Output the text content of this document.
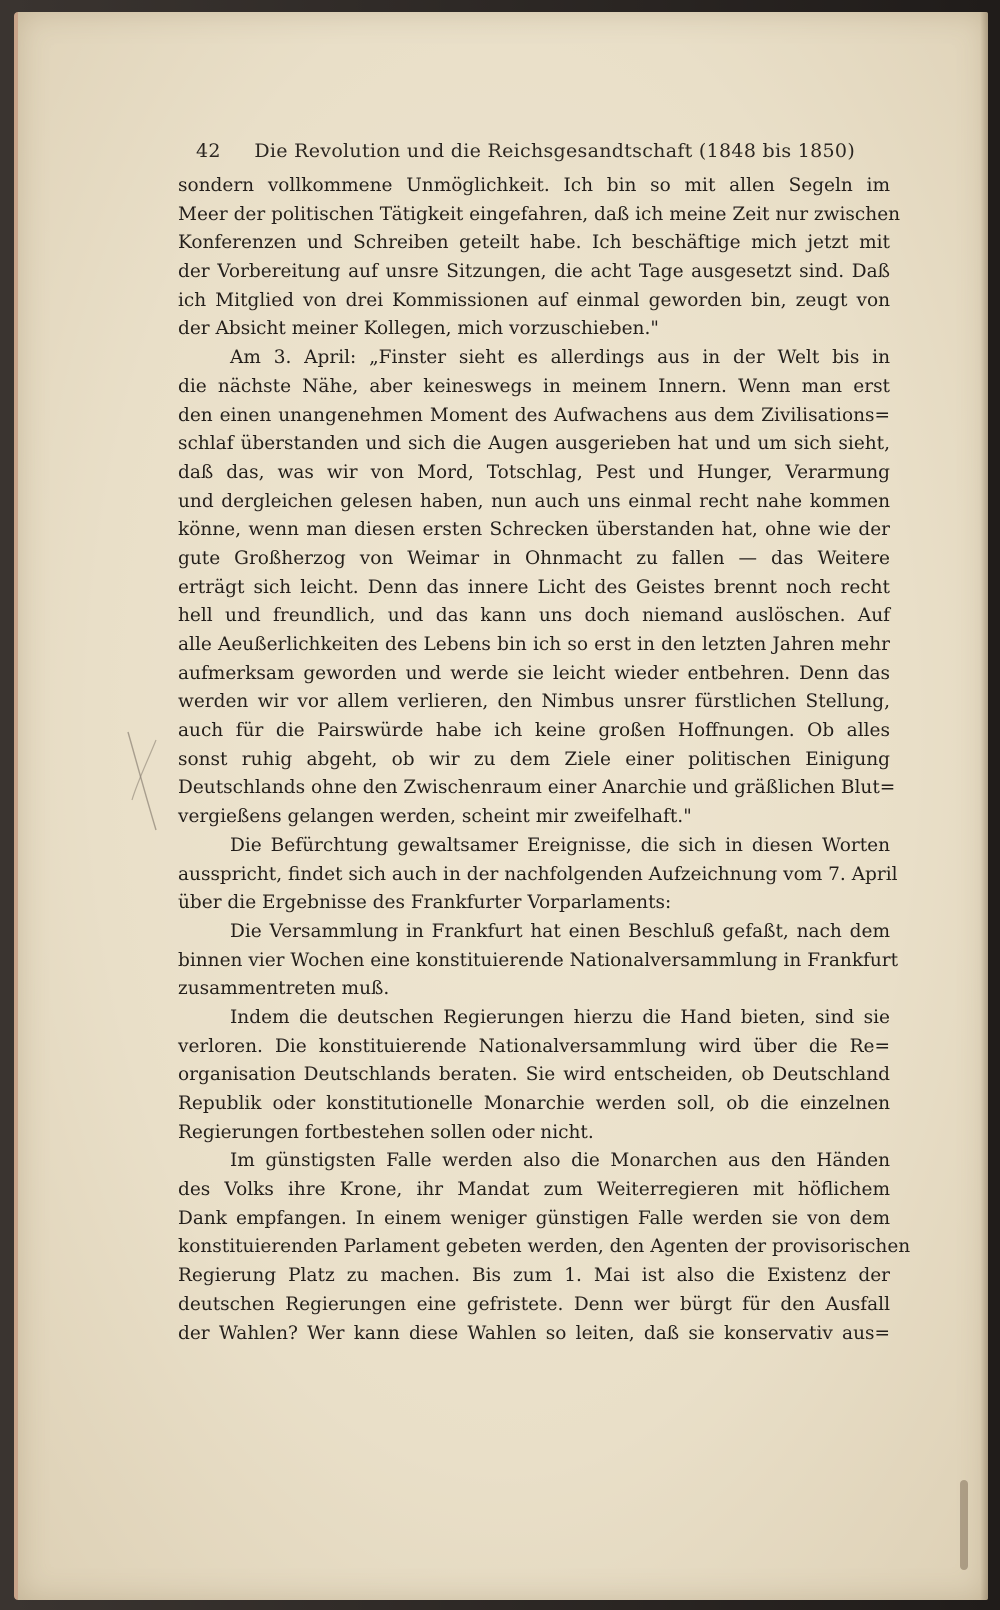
42 Die Revolution und die Reichsgesandtschaft (1848 bis 1850)
sondern vollkommene Unmöglichkeit. Ich bin so mit allen Segeln im
Meer der politischen Tätigkeit eingefahren, daß ich meine Zeit nur zwischen
Konferenzen und Schreiben geteilt habe. Ich beschäftige mich jetzt mit
der Vorbereitung auf unsre Sitzungen, die acht Tage ausgesetzt sind. Daß
ich Mitglied von drei Kommissionen auf einmal geworden bin, zeugt von
der Absicht meiner Kollegen, mich vorzuschieben."
Am 3. April: „Finster sieht es allerdings aus in der Welt bis in
die nächste Nähe, aber keineswegs in meinem Innern. Wenn man erst
den einen unangenehmen Moment des Aufwachens aus dem Zivilisations=
schlaf überstanden und sich die Augen ausgerieben hat und um sich sieht,
daß das, was wir von Mord, Totschlag, Pest und Hunger, Verarmung
und dergleichen gelesen haben, nun auch uns einmal recht nahe kommen
könne, wenn man diesen ersten Schrecken überstanden hat, ohne wie der
gute Großherzog von Weimar in Ohnmacht zu fallen — das Weitere
erträgt sich leicht. Denn das innere Licht des Geistes brennt noch recht
hell und freundlich, und das kann uns doch niemand auslöschen. Auf
alle Aeußerlichkeiten des Lebens bin ich so erst in den letzten Jahren mehr
aufmerksam geworden und werde sie leicht wieder entbehren. Denn das
werden wir vor allem verlieren, den Nimbus unsrer fürstlichen Stellung,
auch für die Pairswürde habe ich keine großen Hoffnungen. Ob alles
sonst ruhig abgeht, ob wir zu dem Ziele einer politischen Einigung
Deutschlands ohne den Zwischenraum einer Anarchie und gräßlichen Blut=
vergießens gelangen werden, scheint mir zweifelhaft."
Die Befürchtung gewaltsamer Ereignisse, die sich in diesen Worten
ausspricht, findet sich auch in der nachfolgenden Aufzeichnung vom 7. April
über die Ergebnisse des Frankfurter Vorparlaments:
Die Versammlung in Frankfurt hat einen Beschluß gefaßt, nach dem
binnen vier Wochen eine konstituierende Nationalversammlung in Frankfurt
zusammentreten muß.
Indem die deutschen Regierungen hierzu die Hand bieten, sind sie
verloren. Die konstituierende Nationalversammlung wird über die Re=
organisation Deutschlands beraten. Sie wird entscheiden, ob Deutschland
Republik oder konstitutionelle Monarchie werden soll, ob die einzelnen
Regierungen fortbestehen sollen oder nicht.
Im günstigsten Falle werden also die Monarchen aus den Händen
des Volks ihre Krone, ihr Mandat zum Weiterregieren mit höflichem
Dank empfangen. In einem weniger günstigen Falle werden sie von dem
konstituierenden Parlament gebeten werden, den Agenten der provisorischen
Regierung Platz zu machen. Bis zum 1. Mai ist also die Existenz der
deutschen Regierungen eine gefristete. Denn wer bürgt für den Ausfall
der Wahlen? Wer kann diese Wahlen so leiten, daß sie konservativ aus=
